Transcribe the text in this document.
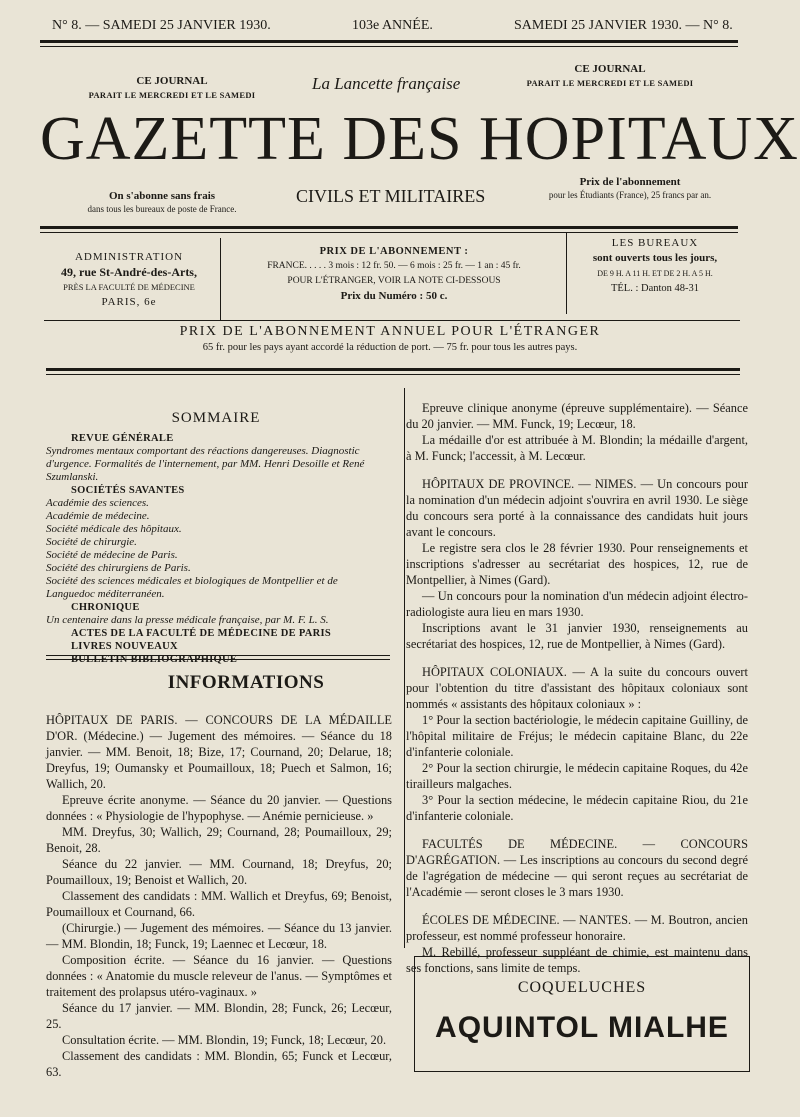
N° 8. — SAMEDI 25 JANVIER 1930.	103e ANNÉE.	SAMEDI 25 JANVIER 1930. — N° 8.
CE JOURNAL
PARAIT LE MERCREDI ET LE SAMEDI
La Lancette française
CE JOURNAL
PARAIT LE MERCREDI ET LE SAMEDI
GAZETTE DES HOPITAUX
On s'abonne sans frais
dans tous les bureaux de poste de France.
CIVILS ET MILITAIRES
Prix de l'abonnement
pour les Étudiants (France), 25 francs par an.
ADMINISTRATION
49, rue St-André-des-Arts,
PRÈS LA FACULTÉ DE MÉDECINE
PARIS, 6e
PRIX DE L'ABONNEMENT :
FRANCE. . . . . 3 mois : 12 fr. 50. — 6 mois : 25 fr. — 1 an : 45 fr.
POUR L'ÉTRANGER, VOIR LA NOTE CI-DESSOUS
Prix du Numéro : 50 c.
LES BUREAUX
sont ouverts tous les jours,
DE 9 H. A 11 H. ET DE 2 H. A 5 H.
TÉL. : Danton 48-31
PRIX DE L'ABONNEMENT ANNUEL POUR L'ÉTRANGER
65 fr. pour les pays ayant accordé la réduction de port. — 75 fr. pour tous les autres pays.
SOMMAIRE
REVUE GÉNÉRALE
Syndromes mentaux comportant des réactions dangereuses. Diagnostic d'urgence. Formalités de l'internement, par MM. Henri Desoille et René Szumlanski.
SOCIÉTÉS SAVANTES
Académie des sciences.
Académie de médecine.
Société médicale des hôpitaux.
Société de chirurgie.
Société de médecine de Paris.
Société des chirurgiens de Paris.
Société des sciences médicales et biologiques de Montpellier et de Languedoc méditerranéen.
CHRONIQUE
Un centenaire dans la presse médicale française, par M. F. L. S.
ACTES DE LA FACULTÉ DE MÉDECINE DE PARIS
LIVRES NOUVEAUX
INFORMATIONS

HÔPITAUX DE PARIS. — CONCOURS DE LA MÉDAILLE D'OR. (Médecine.) — Jugement des mémoires. — Séance du 18 janvier. — MM. Benoit, 18; Bize, 17; Cournand, 20; Delarue, 18; Dreyfus, 19; Oumansky et Poumailloux, 18; Puech et Salmon, 16; Wallich, 20.

Epreuve écrite anonyme. — Séance du 20 janvier. — Questions données : « Physiologie de l'hypophyse. — Anémie pernicieuse. »

MM. Dreyfus, 30; Wallich, 29; Cournand, 28; Poumailloux, 29; Benoit, 28.

Séance du 22 janvier. — MM. Cournand, 18; Dreyfus, 20; Poumailloux, 19; Benoist et Wallich, 20.

Classement des candidats : MM. Wallich et Dreyfus, 69; Benoist, Poumailloux et Cournand, 66.

(Chirurgie.) — Jugement des mémoires. — Séance du 13 janvier. — MM. Blondin, 18; Funck, 19; Laennec et Lecœur, 18.

Composition écrite. — Séance du 16 janvier. — Questions données : « Anatomie du muscle releveur de l'anus. — Symptômes et traitement des prolapsus utéro-vaginaux. »

Séance du 17 janvier. — MM. Blondin, 28; Funck, 26; Lecœur, 25.

Consultation écrite. — MM. Blondin, 19; Funck, 18; Lecœur, 20.

Classement des candidats : MM. Blondin, 65; Funck et Lecœur, 63.

Epreuve clinique anonyme (épreuve supplémentaire). — Séance du 20 janvier. — MM. Funck, 19; Lecœur, 18.

La médaille d'or est attribuée à M. Blondin; la médaille d'argent, à M. Funck; l'accessit, à M. Lecœur.

HÔPITAUX DE PROVINCE. — NIMES. — Un concours pour la nomination d'un médecin adjoint s'ouvrira en avril 1930. Le siège du concours sera porté à la connaissance des candidats huit jours avant le concours.

Le registre sera clos le 28 février 1930. Pour renseignements et inscriptions s'adresser au secrétariat des hospices, 12, rue de Montpellier, à Nimes (Gard).

— Un concours pour la nomination d'un médecin adjoint électro-radiologiste aura lieu en mars 1930.

Inscriptions avant le 31 janvier 1930, renseignements au secrétariat des hospices, 12, rue de Montpellier, à Nimes (Gard).

HÔPITAUX COLONIAUX. — A la suite du concours ouvert pour l'obtention du titre d'assistant des hôpitaux coloniaux sont nommés « assistants des hôpitaux coloniaux » :

1° Pour la section bactériologie, le médecin capitaine Guilliny, de l'hôpital militaire de Fréjus; le médecin capitaine Blanc, du 22e d'infanterie coloniale.

2° Pour la section chirurgie, le médecin capitaine Roques, du 42e tirailleurs malgaches.

3° Pour la section médecine, le médecin capitaine Riou, du 21e d'infanterie coloniale.

FACULTÉS DE MÉDECINE. — CONCOURS D'AGRÉGATION. — Les inscriptions au concours du second degré de l'agrégation de médecine — qui seront reçues au secrétariat de l'Académie — seront closes le 3 mars 1930.

ÉCOLES DE MÉDECINE. — NANTES. — M. Boutron, ancien professeur, est nommé professeur honoraire.

M. Rebillé, professeur suppléant de chimie, est maintenu dans ses fonctions, sans limite de temps.

COQUELUCHES
AQUINTOL MIALHE
